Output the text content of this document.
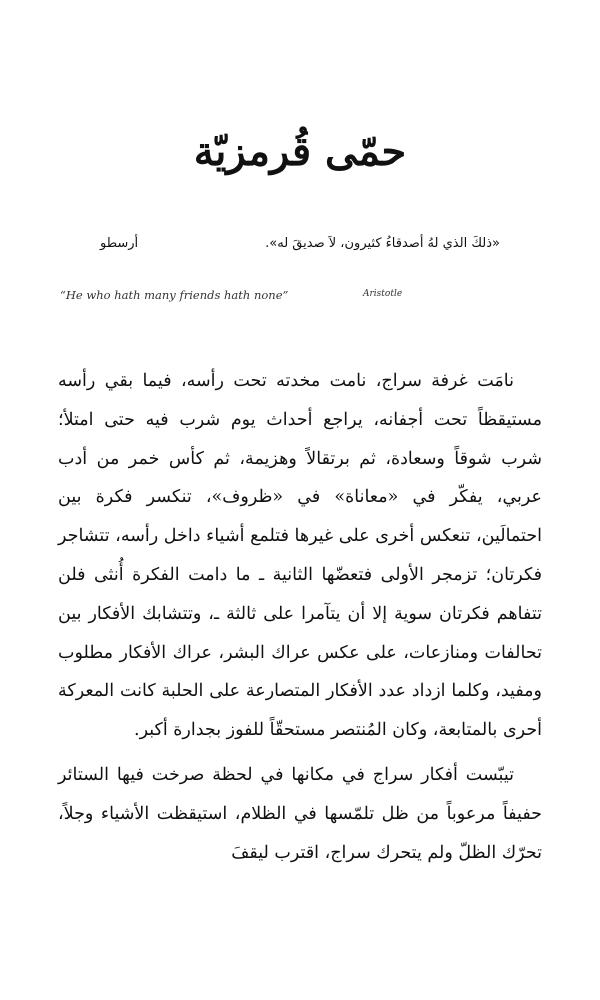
حمّى قُرمزيّة
«ذلكَ الذي لهُ أصدقاءُ كثيرون، لاَ صديقَ له».
أرسطو
“He who hath many friends hath none”	Aristotle

نامَت غرفة سراج، نامت مخدته تحت رأسه، فيما بقي رأسه مستيقظاً تحت أجفانه، يراجع أحداث يوم شرب فيه حتى امتلأ؛ شرب شوقاً وسعادة، ثم برتقالاً وهزيمة، ثم كأس خمر من أدب عربي، يفكّر في «معاناة» في «ظروف»، تنكسر فكرة بين احتمالَين، تنعكس أخرى على غيرها فتلمع أشياء داخل رأسه، تتشاجر فكرتان؛ تزمجر الأولى فتعضّها الثانية ـ ما دامت الفكرة أُنثى فلن تتفاهم فكرتان سوية إلا أن يتآمرا على ثالثة ـ، وتتشابك الأفكار بين تحالفات ومنازعات، على عكس عراك البشر، عراك الأفكار مطلوب ومفيد، وكلما ازداد عدد الأفكار المتصارعة على الحلبة كانت المعركة أحرى بالمتابعة، وكان المُنتصر مستحقّاً للفوز بجدارة أكبر.

تيبّست أفكار سراج في مكانها في لحظة صرخت فيها الستائر حفيفاً مرعوباً من ظل تلمّسها في الظلام، استيقظت الأشياء وجلاً، تحرّك الظلّ ولم يتحرك سراج، اقترب ليقفَ
